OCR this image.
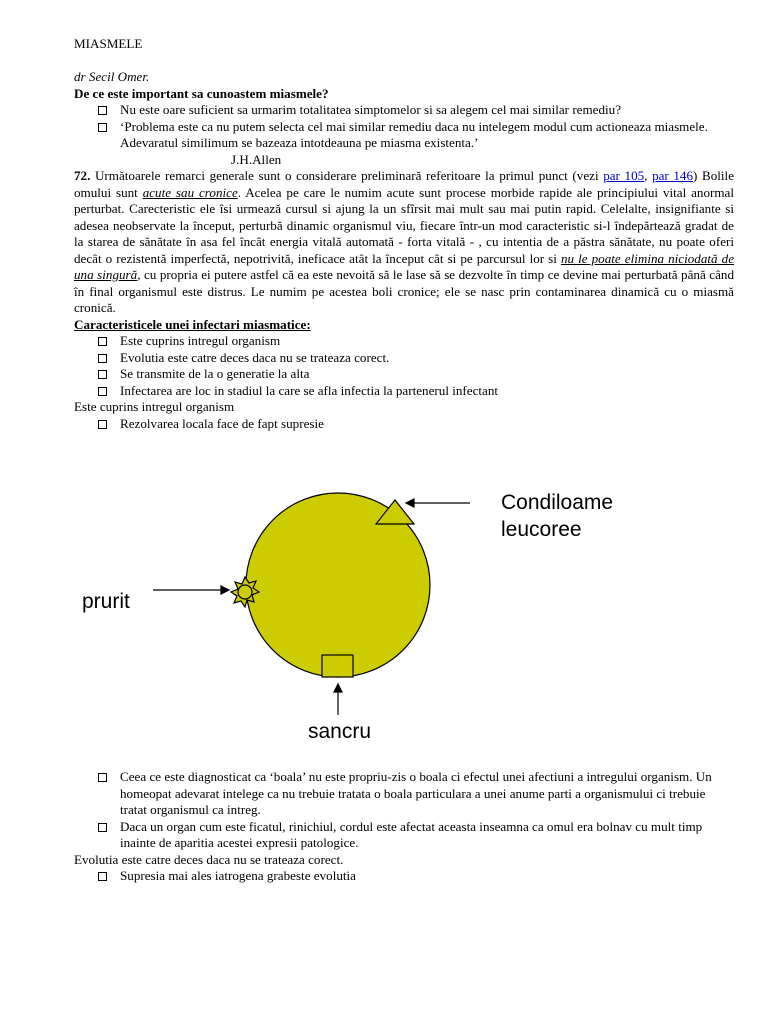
MIASMELE
dr Secil Omer.
De ce este important sa cunoastem miasmele?
Nu este oare suficient sa urmarim totalitatea simptomelor si sa alegem cel mai similar remediu?
‘Problema este ca nu putem selecta cel mai similar remediu daca nu intelegem modul cum actioneaza miasmele. Adevaratul similimum se bazeaza intotdeauna pe miasma existenta.’
J.H.Allen
72. Următoarele remarci generale sunt o considerare preliminară referitoare la primul punct (vezi par 105, par 146) Bolile omului sunt acute sau cronice. Acelea pe care le numim acute sunt procese morbide rapide ale principiului vital anormal perturbat. Carecteristic ele îsi urmează cursul si ajung la un sfîrsit mai mult sau mai putin rapid. Celelalte, insignifiante si adesea neobservate la început, perturbă dinamic organismul viu, fiecare într-un mod caracteristic si-l îndepărtează gradat de la starea de sănătate în asa fel încât energia vitală automată - forta vitală - , cu intentia de a păstra sănătate, nu poate oferi decât o rezistentă imperfectă, nepotrivită, ineficace atât la început cât si pe parcursul lor si nu le poate elimina niciodată de una singură, cu propria ei putere astfel că ea este nevoită să le lase să se dezvolte în timp ce devine mai perturbată până când în final organismul este distrus. Le numim pe acestea boli cronice; ele se nasc prin contaminarea dinamică cu o miasmă cronică.
Caracteristicele unei infectari miasmatice:
Este cuprins intregul organism
Evolutia este catre deces daca nu se trateaza corect.
Se transmite de la o generatie la alta
Infectarea are loc in stadiul la care se afla infectia la partenerul infectant
Este cuprins intregul organism
Rezolvarea locala face de fapt supresie
Condiloame
leucoree
prurit
sancru
Ceea ce este diagnosticat ca ‘boala’ nu este propriu-zis o boala ci efectul unei afectiuni a intregului organism. Un homeopat adevarat intelege ca nu trebuie tratata o boala particulara a unei anume parti a organismului ci trebuie tratat organismul ca intreg.
Daca un organ cum este ficatul, rinichiul, cordul este afectat aceasta inseamna ca omul era bolnav cu mult timp inainte de aparitia acestei expresii patologice.
Evolutia este catre deces daca nu se trateaza corect.
Supresia mai ales iatrogena grabeste evolutia
